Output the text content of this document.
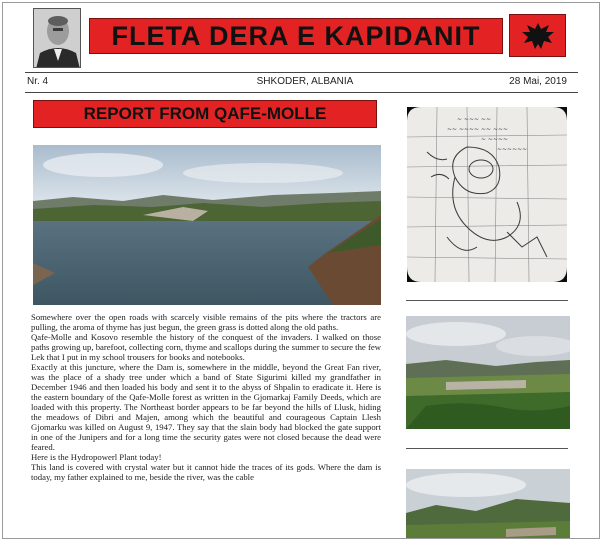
FLETA DERA E KAPIDANIT
Nr. 4	SHKODER, ALBANIA	28 Mai, 2019
REPORT FROM QAFE-MOLLE

Somewhere over the open roads with scarcely visible remains of the pits where the tractors are pulling, the aroma of thyme has just begun, the green grass is dotted along the old paths.

Qafe-Molle and Kosovo resemble the history of the conquest of the invaders. I walked on those paths growing up, barefoot, collecting corn, thyme and scallops during the summer to secure the few Lek that I put in my school trousers for books and notebooks.

Exactly at this juncture, where the Dam is, somewhere in the middle, beyond the Great Fan river, was the place of a shady tree under which a band of State Sigurimi killed my grandfather in December 1946 and then loaded his body and sent it to the abyss of Shpalin to eradicate it. Here is the eastern boundary of the Qafe-Molle forest as written in the Gjomarkaj Family Deeds, which are loaded with this property. The Northeast border appears to be far beyond the hills of Llusk, hiding the meadows of Dibri and Majen, among which the beautiful and courageous Captain Llesh Gjomarku was killed on August 9, 1947. They say that the slain body had blocked the gate support in one of the Junipers and for a long time the security gates were not closed because the dead were feared.

Here is the Hydropowerl Plant today!

This land is covered with crystal water but it cannot hide the traces of its gods. Where the dam is today, my father explained to me, beside the river, was the cable

~ ~~~ ~~
~~ ~~~~ ~~ ~~~
~ ~~~~
~~~~~~
